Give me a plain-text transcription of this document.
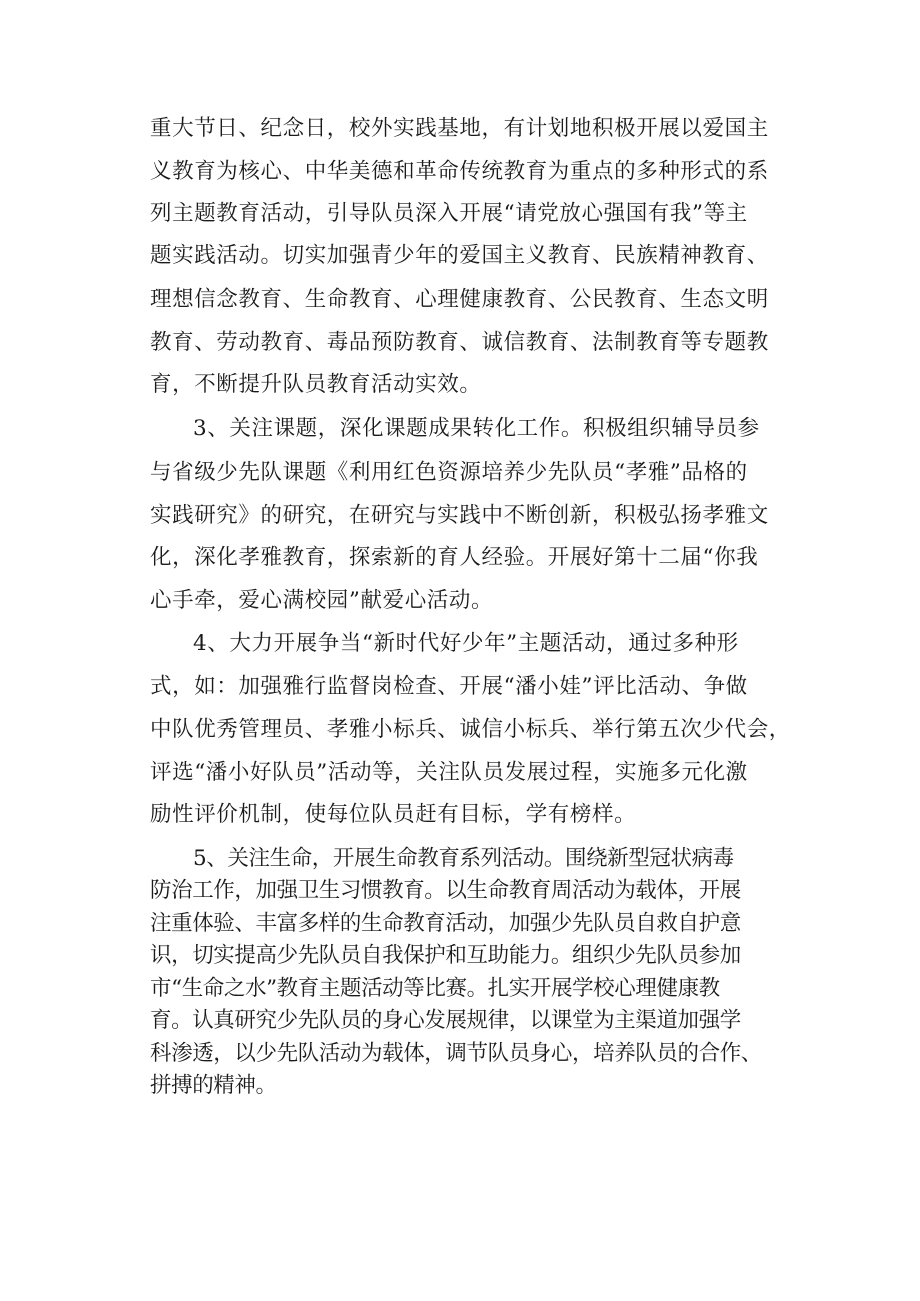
重大节日、纪念日，校外实践基地，有计划地积极开展以爱国主
义教育为核心、中华美德和革命传统教育为重点的多种形式的系
列主题教育活动，引导队员深入开展“请党放心强国有我”等主
题实践活动。切实加强青少年的爱国主义教育、民族精神教育、
理想信念教育、生命教育、心理健康教育、公民教育、生态文明
教育、劳动教育、毒品预防教育、诚信教育、法制教育等专题教
育，不断提升队员教育活动实效。
3、关注课题，深化课题成果转化工作。积极组织辅导员参
与省级少先队课题《利用红色资源培养少先队员“孝雅”品格的
实践研究》的研究，在研究与实践中不断创新，积极弘扬孝雅文
化，深化孝雅教育，探索新的育人经验。开展好第十二届“你我
心手牵，爱心满校园”献爱心活动。
4、大力开展争当“新时代好少年”主题活动，通过多种形
式，如：加强雅行监督岗检查、开展“潘小娃”评比活动、争做
中队优秀管理员、孝雅小标兵、诚信小标兵、举行第五次少代会，
评选“潘小好队员”活动等，关注队员发展过程，实施多元化激
励性评价机制，使每位队员赶有目标，学有榜样。
5、关注生命，开展生命教育系列活动。围绕新型冠状病毒
防治工作，加强卫生习惯教育。以生命教育周活动为载体，开展
注重体验、丰富多样的生命教育活动，加强少先队员自救自护意
识，切实提高少先队员自我保护和互助能力。组织少先队员参加
市“生命之水”教育主题活动等比赛。扎实开展学校心理健康教
育。认真研究少先队员的身心发展规律，以课堂为主渠道加强学
科渗透，以少先队活动为载体，调节队员身心，培养队员的合作、
拼搏的精神。
